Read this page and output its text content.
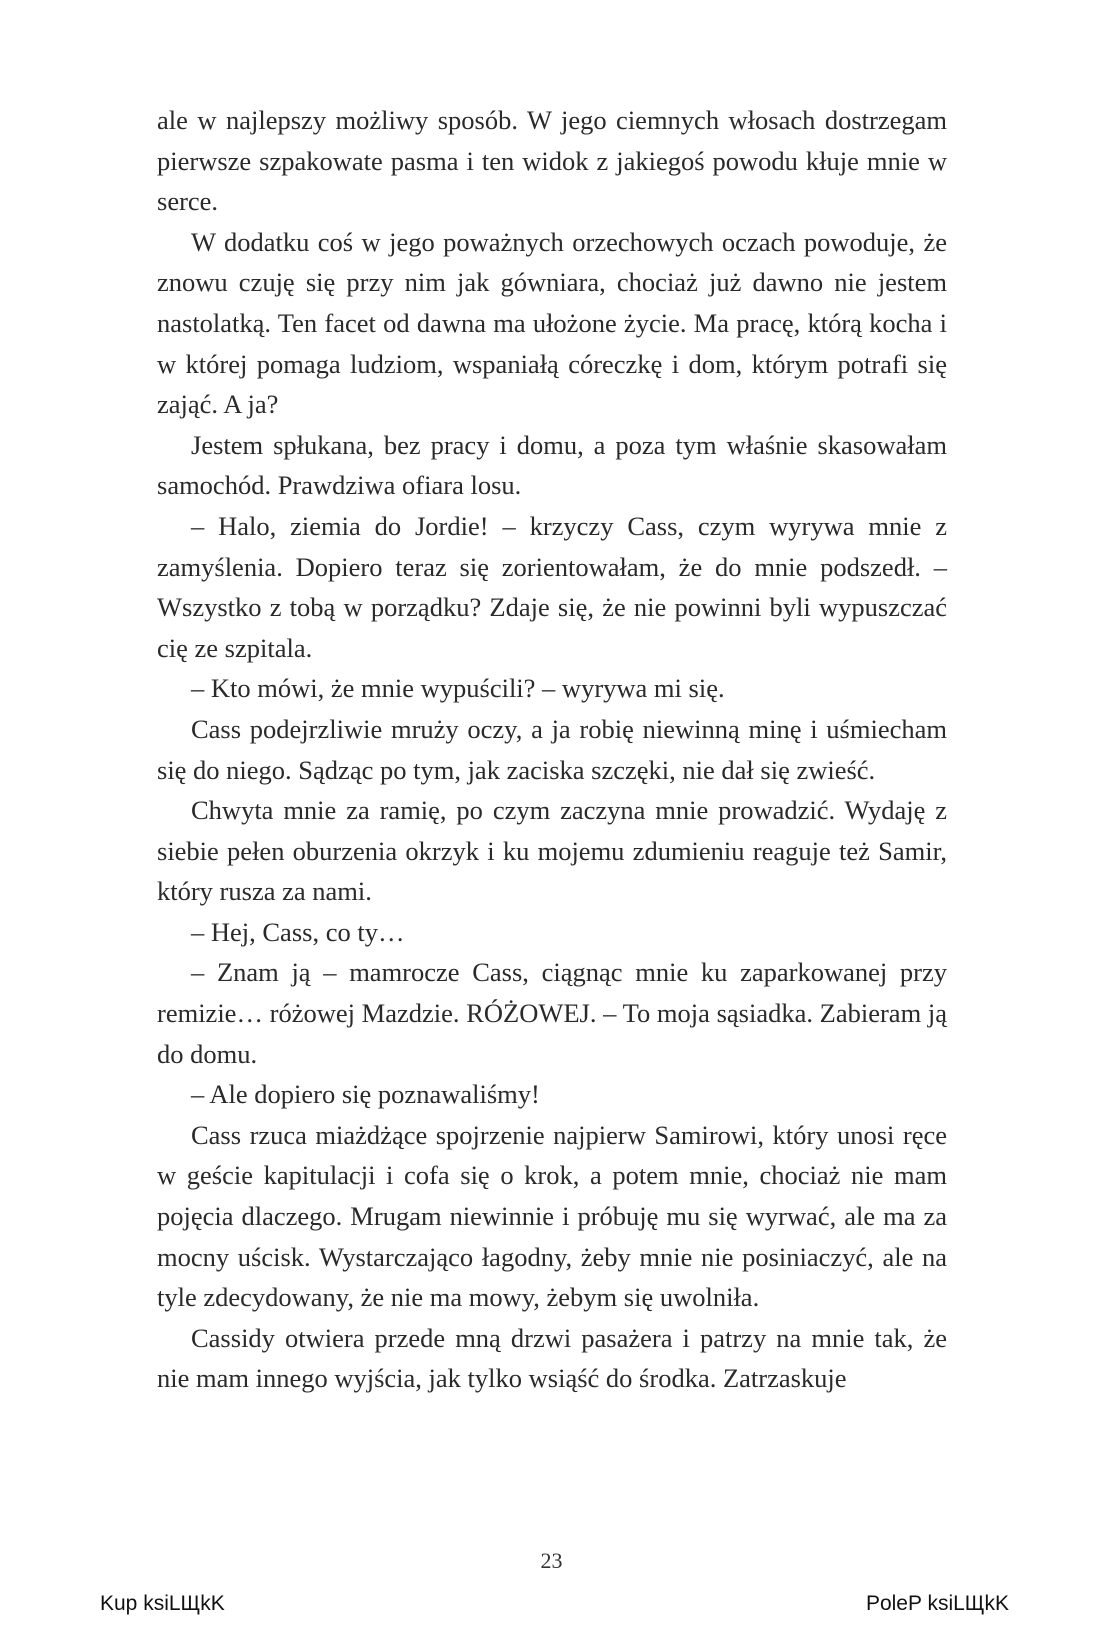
ale w najlepszy możliwy sposób. W jego ciemnych włosach dostrzegam pierwsze szpakowate pasma i ten widok z jakiegoś powodu kłuje mnie w serce.

W dodatku coś w jego poważnych orzechowych oczach powoduje, że znowu czuję się przy nim jak gówniara, chociaż już dawno nie jestem nastolatką. Ten facet od dawna ma ułożone życie. Ma pracę, którą kocha i w której pomaga ludziom, wspaniałą córeczkę i dom, którym potrafi się zająć. A ja?

Jestem spłukana, bez pracy i domu, a poza tym właśnie skasowałam samochód. Prawdziwa ofiara losu.

– Halo, ziemia do Jordie! – krzyczy Cass, czym wyrywa mnie z zamyślenia. Dopiero teraz się zorientowałam, że do mnie podszedł. – Wszystko z tobą w porządku? Zdaje się, że nie powinni byli wypuszczać cię ze szpitala.

– Kto mówi, że mnie wypuścili? – wyrywa mi się.

Cass podejrzliwie mruży oczy, a ja robię niewinną minę i uśmiecham się do niego. Sądząc po tym, jak zaciska szczęki, nie dał się zwieść.

Chwyta mnie za ramię, po czym zaczyna mnie prowadzić. Wydaję z siebie pełen oburzenia okrzyk i ku mojemu zdumieniu reaguje też Samir, który rusza za nami.

– Hej, Cass, co ty…

– Znam ją – mamrocze Cass, ciągnąc mnie ku zaparkowanej przy remizie… różowej Mazdzie. RÓŻOWEJ. – To moja sąsiadka. Zabieram ją do domu.

– Ale dopiero się poznawaliśmy!

Cass rzuca miażdżące spojrzenie najpierw Samirowi, który unosi ręce w geście kapitulacji i cofa się o krok, a potem mnie, chociaż nie mam pojęcia dlaczego. Mrugam niewinnie i próbuję mu się wyrwać, ale ma za mocny uścisk. Wystarczająco łagodny, żeby mnie nie posiniaczyć, ale na tyle zdecydowany, że nie ma mowy, żebym się uwolniła.

Cassidy otwiera przede mną drzwi pasażera i patrzy na mnie tak, że nie mam innego wyjścia, jak tylko wsiąść do środka. Zatrzaskuje

23
Kup ksiLЩkK	PoleP ksiLЩkK
